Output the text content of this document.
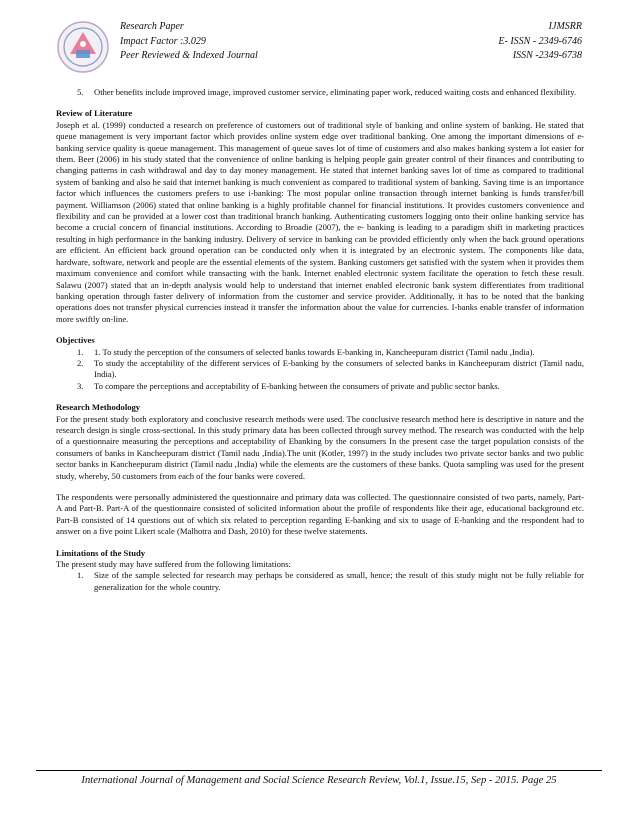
Research Paper
Impact Factor :3.029
Peer Reviewed & Indexed Journal
IJMSRR
E- ISSN - 2349-6746
ISSN -2349-6738
5. Other benefits include improved image, improved customer service, eliminating paper work, reduced waiting costs and enhanced flexibility.

Review of Literature

Joseph et al. (1999) conducted a research on preference of customers out of traditional style of banking and online system of banking. He stated that queue management is very important factor which provides online system edge over traditional banking. One among the important dimensions of e-banking service quality is queue management. This management of queue saves lot of time of customers and also makes banking system a lot easier for them. Beer (2006) in his study stated that the convenience of online banking is helping people gain greater control of their finances and contributing to changing patterns in cash withdrawal and day to day money management. He stated that internet banking saves lot of time as compared to traditional system of banking and also he said that internet banking is much convenient as compared to traditional system of banking. Saving time is an importance factor which influences the customers prefers to use i-banking: The most popular online transaction through internet banking is funds transfer/bill payment. Williamson (2006) stated that online banking is a highly profitable channel for financial institutions. It provides customers convenience and flexibility and can be provided at a lower cost than traditional branch banking. Authenticating customers logging onto their online banking service has become a crucial concern of financial institutions. According to Broadie (2007), the e- banking is leading to a paradigm shift in marketing practices resulting in high performance in the banking industry. Delivery of service in banking can be provided efficiently only when the back ground operations are efficient. An efficient back ground operation can be conducted only when it is integrated by an electronic system. The components like data, hardware, software, network and people are the essential elements of the system. Banking customers get satisfied with the system when it provides them maximum convenience and comfort while transacting with the bank. Internet enabled electronic system facilitate the operation to fetch these result. Salawu (2007) stated that an in-depth analysis would help to understand that internet enabled electronic bank system differentiates from traditional banking operation through faster delivery of information from the customer and service provider. Additionally, it has to be noted that the banking operations does not transfer physical currencies instead it transfer the information about the value for currencies. I-banks enable transfer of information more swiftly on-line.

Objectives

1. 1. To study the perception of the consumers of selected banks towards E-banking in, Kancheepuram district (Tamil nadu ,India).
2. To study the acceptability of the different services of E-banking by the consumers of selected banks in Kancheepuram district (Tamil nadu, India).
3. To compare the perceptions and acceptability of E-banking between the consumers of private and public sector banks.

Research Methodology

For the present study both exploratory and conclusive research methods were used. The conclusive research method here is descriptive in nature and the research design is single cross-sectional. In this study primary data has been collected through survey method. The research was conducted with the help of a questionnaire measuring the perceptions and acceptability of Ebanking by the consumers In the present case the target population consists of the consumers of banks in Kancheepuram district (Tamil nadu ,India).The unit (Kotler, 1997) in the study includes two private sector banks and two public sector banks in Kancheepuram district (Tamil nadu ,India) while the elements are the customers of these banks. Quota sampling was used for the present study, whereby, 50 customers from each of the four banks were covered.

The respondents were personally administered the questionnaire and primary data was collected. The questionnaire consisted of two parts, namely, Part-A and Part-B. Part-A of the questionnaire consisted of solicited information about the profile of respondents like their age, educational background etc. Part-B consisted of 14 questions out of which six related to perception regarding E-banking and six to usage of E-banking and the respondent had to answer on a five point Likert scale (Malhotra and Dash, 2010) for these twelve statements.

Limitations of the Study

The present study may have suffered from the following limitations:

1. Size of the sample selected for research may perhaps be considered as small, hence; the result of this study might not be fully reliable for generalization for the whole country.
International Journal of Management and Social Science Research Review, Vol.1, Issue.15, Sep - 2015. Page 25
